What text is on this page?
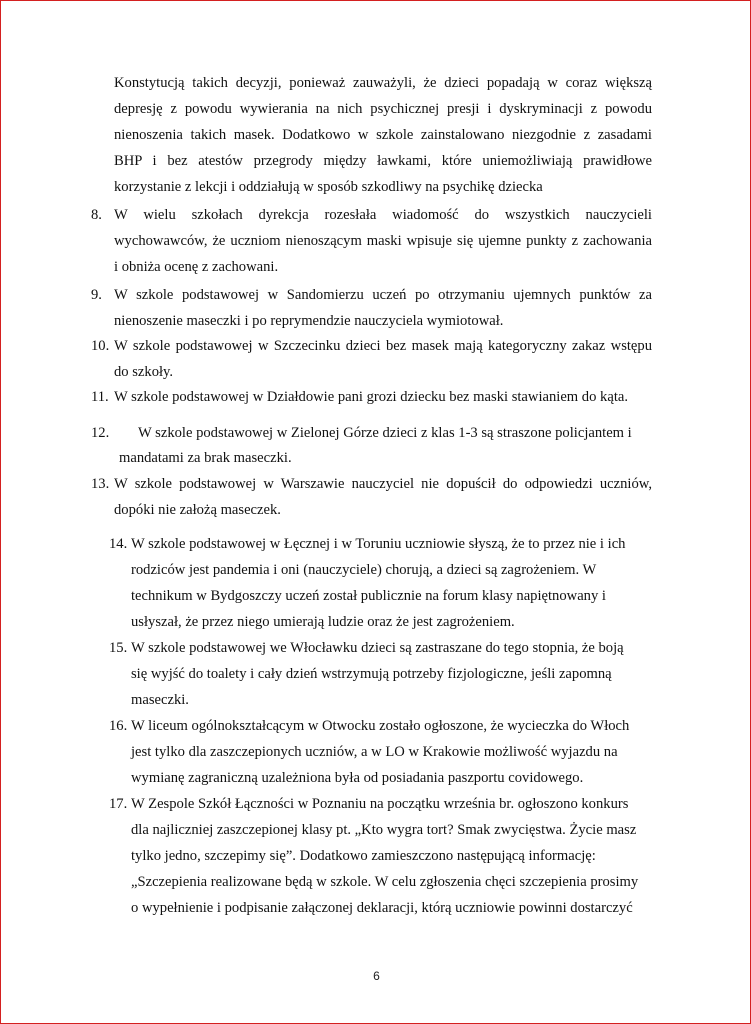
Konstytucją takich decyzji, ponieważ zauważyli, że dzieci popadają w coraz większą
depresję z powodu wywierania na nich psychicznej presji i dyskryminacji z powodu
nienoszenia takich masek. Dodatkowo w szkole zainstalowano niezgodnie z zasadami
BHP i bez atestów przegrody między ławkami, które uniemożliwiają prawidłowe
korzystanie z lekcji i oddziałują w sposób szkodliwy na psychikę dziecka
8. W wielu szkołach dyrekcja rozesłała wiadomość do wszystkich nauczycieli
wychowawców, że uczniom nienoszącym maski wpisuje się ujemne punkty z zachowania
i obniża ocenę z zachowani.
9. W szkole podstawowej w Sandomierzu uczeń po otrzymaniu ujemnych punktów za
nienoszenie maseczki i po reprymendzie nauczyciela wymiotował.
10. W szkole podstawowej w Szczecinku dzieci bez masek mają kategoryczny zakaz wstępu
do szkoły.
11. W szkole podstawowej w Działdowie pani grozi dziecku bez maski stawianiem do kąta.
12. W szkole podstawowej w Zielonej Górze dzieci z klas 1-3 są straszone policjantem i
mandatami za brak maseczki.
13. W szkole podstawowej w Warszawie nauczyciel nie dopuścił do odpowiedzi uczniów,
dopóki nie założą maseczek.
14. W szkole podstawowej w Łęcznej i w Toruniu uczniowie słyszą, że to przez nie i ich
rodziców jest pandemia i oni (nauczyciele) chorują, a dzieci są zagrożeniem. W
technikum w Bydgoszczy uczeń został publicznie na forum klasy napiętnowany i
usłyszał, że przez niego umierają ludzie oraz że jest zagrożeniem.
15. W szkole podstawowej we Włocławku dzieci są zastraszane do tego stopnia, że boją
się wyjść do toalety i cały dzień wstrzymują potrzeby fizjologiczne, jeśli zapomną
maseczki.
16. W liceum ogólnokształcącym w Otwocku zostało ogłoszone, że wycieczka do Włoch
jest tylko dla zaszczepionych uczniów, a w LO w Krakowie możliwość wyjazdu na
wymianę zagraniczną uzależniona była od posiadania paszportu covidowego.
17. W Zespole Szkół Łączności w Poznaniu na początku września br. ogłoszono konkurs
dla najliczniej zaszczepionej klasy pt. „Kto wygra tort? Smak zwycięstwa. Życie masz
tylko jedno, szczepimy się”. Dodatkowo zamieszczono następującą informację:
„Szczepienia realizowane będą w szkole. W celu zgłoszenia chęci szczepienia prosimy
o wypełnienie i podpisanie załączonej deklaracji, którą uczniowie powinni dostarczyć
6
